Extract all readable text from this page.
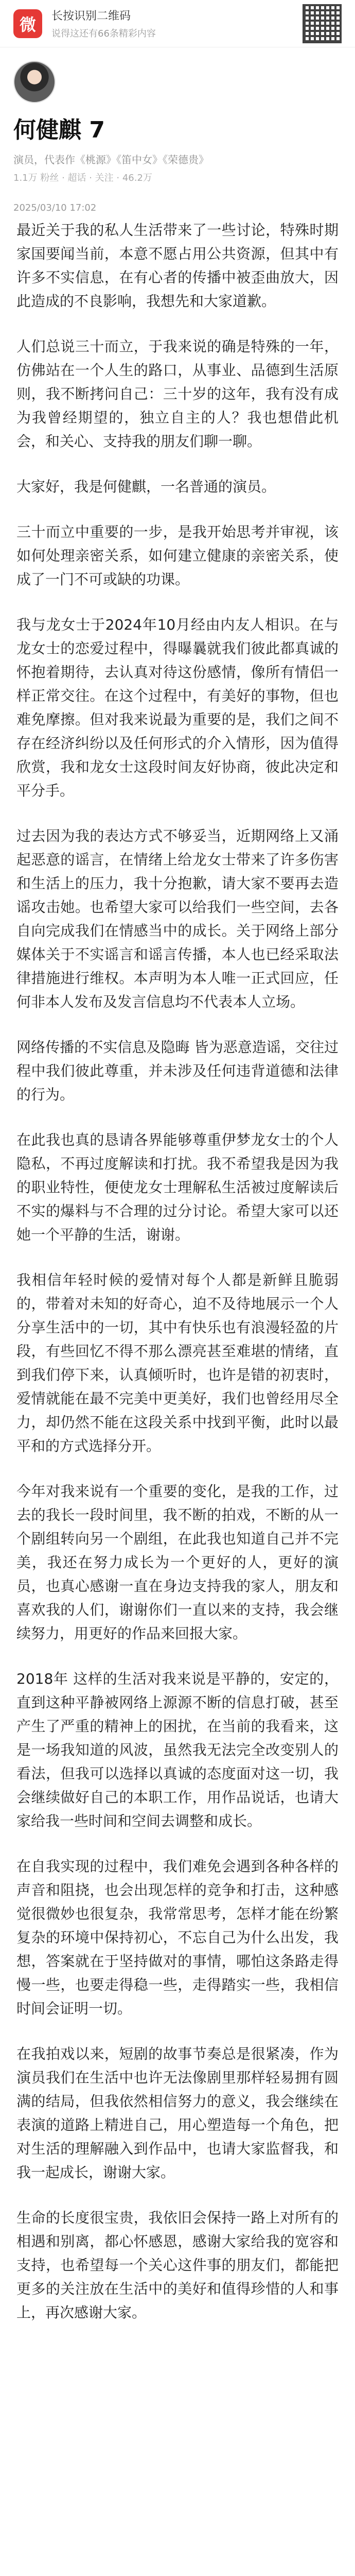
微	长按识别二维码
说得这还有66条精彩内容
何健麒 7
演员，代表作《桃源》《笛中女》《荣德贵》
1.1万 粉丝 · 超话 · 关注 · 46.2万
2025/03/10 17:02

最近关于我的私人生活带来了一些讨论，特殊时期家国要闻当前，本意不愿占用公共资源，但其中有许多不实信息，在有心者的传播中被歪曲放大，因此造成的不良影响，我想先和大家道歉。

人们总说三十而立，于我来说的确是特殊的一年，仿佛站在一个人生的路口，从事业、品德到生活原则，我不断拷问自己：三十岁的这年，我有没有成为我曾经期望的，独立自主的人？我也想借此机会，和关心、支持我的朋友们聊一聊。

大家好，我是何健麒，一名普通的演员。

三十而立中重要的一步，是我开始思考并审视，该如何处理亲密关系，如何建立健康的亲密关系，使成了一门不可或缺的功课。

我与龙女士于2024年10月经由内友人相识。在与龙女士的恋爱过程中，得曝曩就我们彼此都真诚的怀抱着期待，去认真对待这份感情，像所有情侣一样正常交往。在这个过程中，有美好的事物，但也难免摩擦。但对我来说最为重要的是，我们之间不存在经济纠纷以及任何形式的介入情形，因为值得欣赏，我和龙女士这段时间友好协商，彼此决定和平分手。

过去因为我的表达方式不够妥当，近期网络上又涌起恶意的谣言，在情绪上给龙女士带来了许多伤害和生活上的压力，我十分抱歉，请大家不要再去造谣攻击她。也希望大家可以给我们一些空间，去各自向完成我们在情感当中的成长。关于网络上部分媒体关于不实谣言和谣言传播，本人也已经采取法律措施进行维权。本声明为本人唯一正式回应，任何非本人发布及发言信息均不代表本人立场。

网络传播的不实信息及隐晦 皆为恶意造谣，交往过程中我们彼此尊重，并未涉及任何违背道德和法律的行为。

在此我也真的恳请各界能够尊重伊梦龙女士的个人隐私，不再过度解读和打扰。我不希望我是因为我的职业特性，便使龙女士理解私生活被过度解读后不实的爆料与不合理的过分讨论。希望大家可以还她一个平静的生活，谢谢。

我相信年轻时候的爱情对每个人都是新鲜且脆弱的，带着对未知的好奇心，迫不及待地展示一个人分享生活中的一切，其中有快乐也有浪漫轻盈的片段，有些回忆不得不那么漂亮甚至难堪的情绪，直到我们停下来，认真倾听时，也许是错的初衷时，爱情就能在最不完美中更美好，我们也曾经用尽全力，却仍然不能在这段关系中找到平衡，此时以最平和的方式选择分开。

今年对我来说有一个重要的变化，是我的工作，过去的我长一段时间里，我不断的拍戏，不断的从一个剧组转向另一个剧组，在此我也知道自己并不完美，我还在努力成长为一个更好的人，更好的演员，也真心感谢一直在身边支持我的家人，朋友和喜欢我的人们，谢谢你们一直以来的支持，我会继续努力，用更好的作品来回报大家。

2018年 这样的生活对我来说是平静的，安定的，直到这种平静被网络上源源不断的信息打破，甚至产生了严重的精神上的困扰，在当前的我看来，这是一场我知道的风波，虽然我无法完全改变别人的看法，但我可以选择以真诚的态度面对这一切，我会继续做好自己的本职工作，用作品说话，也请大家给我一些时间和空间去调整和成长。

在自我实现的过程中，我们难免会遇到各种各样的声音和阻挠，也会出现怎样的竞争和打击，这种感觉很微妙也很复杂，我常常思考，怎样才能在纷繁复杂的环境中保持初心，不忘自己为什么出发，我想，答案就在于坚持做对的事情，哪怕这条路走得慢一些，也要走得稳一些，走得踏实一些，我相信时间会证明一切。

在我拍戏以来，短剧的故事节奏总是很紧凑，作为演员我们在生活中也许无法像剧里那样轻易拥有圆满的结局，但我依然相信努力的意义，我会继续在表演的道路上精进自己，用心塑造每一个角色，把对生活的理解融入到作品中，也请大家监督我，和我一起成长，谢谢大家。

生命的长度很宝贵，我依旧会保持一路上对所有的相遇和别离，都心怀感恩，感谢大家给我的宽容和支持，也希望每一个关心这件事的朋友们，都能把更多的关注放在生活中的美好和值得珍惜的人和事上，再次感谢大家。
